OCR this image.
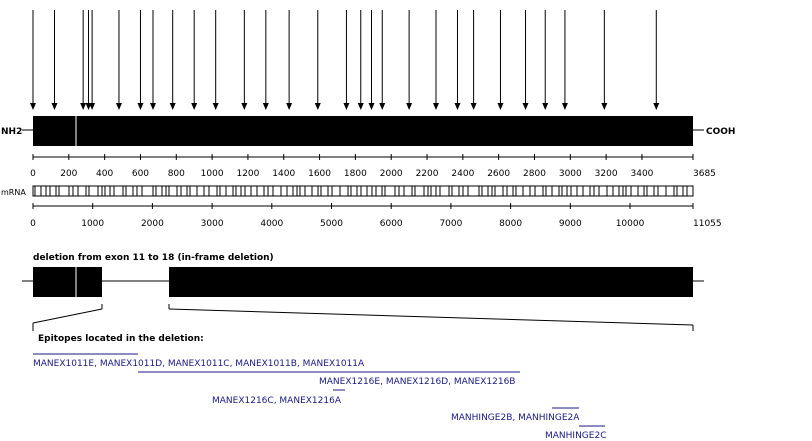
NH2	COOH
0	200 400 600 800 1000 1200 1400 1600 1800 2000 2200 2400 2600 2800 3000 3200 3400	3685
mRNA
0	1000	2000	3000	4000	5000	6000	7000	8000	9000	10000	11055
deletion from exon 11 to 18 (in-frame deletion)
Epitopes located in the deletion:
MANEX1011E, MANEX1011D, MANEX1011C, MANEX1011B, MANEX1011A
MANEX1216E, MANEX1216D, MANEX1216B
MANEX1216C, MANEX1216A
MANHINGE2B, MANHINGE2A
MANHINGE2C
